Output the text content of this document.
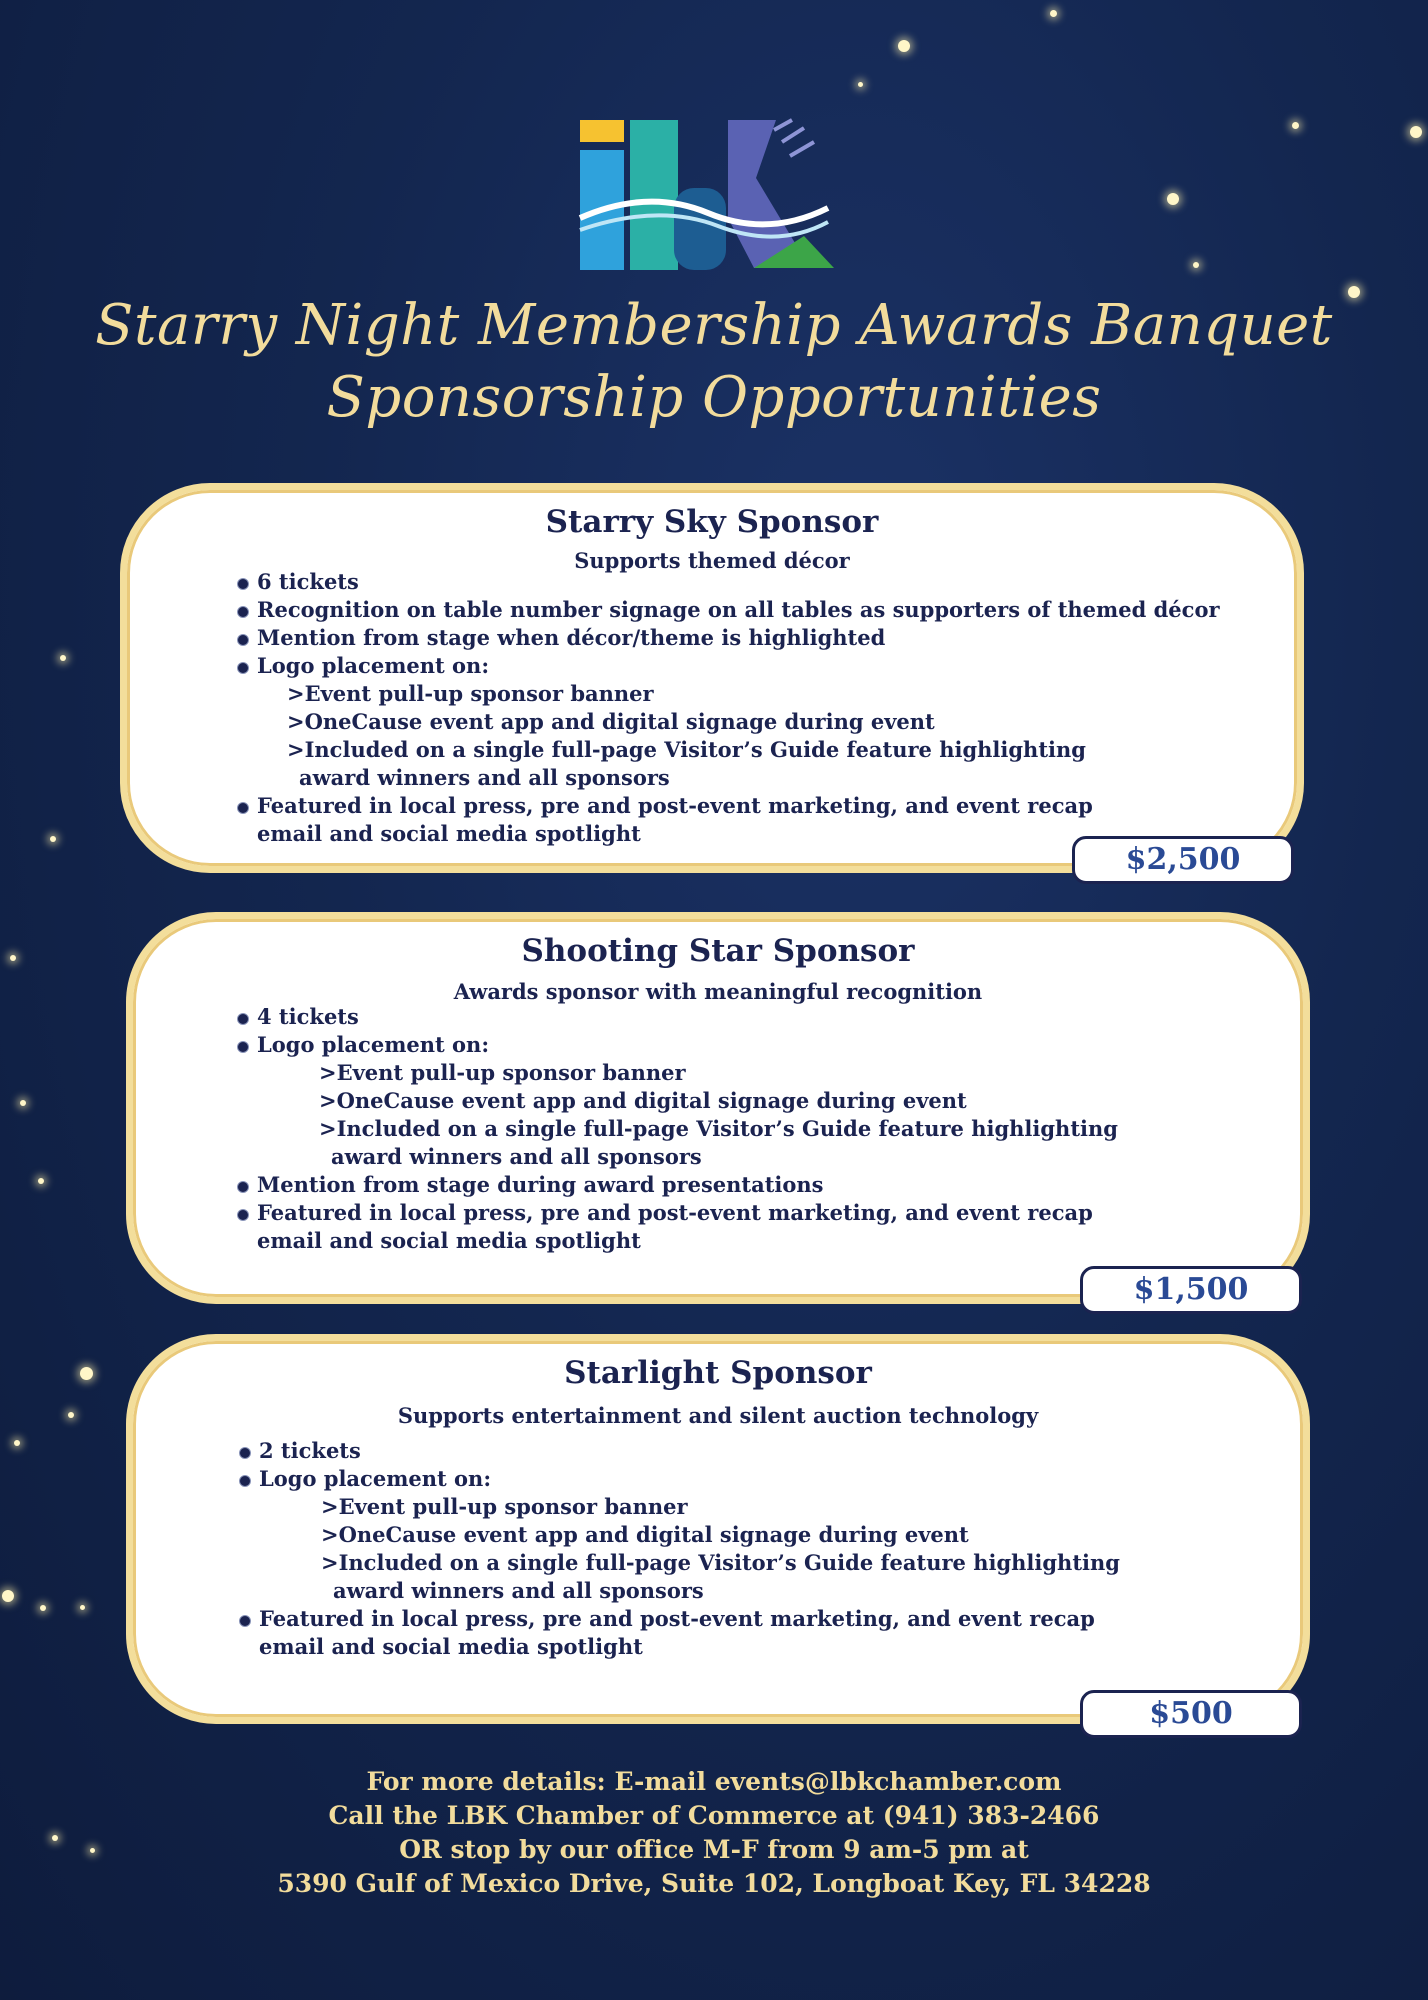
Starry Night Membership Awards Banquet
Sponsorship Opportunities
Starry Sky Sponsor
Supports themed décor
6 tickets
Recognition on table number signage on all tables as supporters of themed décor
Mention from stage when décor/theme is highlighted
Logo placement on:
>Event pull-up sponsor banner
>OneCause event app and digital signage during event
>Included on a single full-page Visitor’s Guide feature highlighting award winners and all sponsors
Featured in local press, pre and post-event marketing, and event recap email and social media spotlight
$2,500
Shooting Star Sponsor
Awards sponsor with meaningful recognition
4 tickets
Logo placement on:
>Event pull-up sponsor banner
>OneCause event app and digital signage during event
>Included on a single full-page Visitor’s Guide feature highlighting award winners and all sponsors
Mention from stage during award presentations
Featured in local press, pre and post-event marketing, and event recap email and social media spotlight
$1,500
Starlight Sponsor
Supports entertainment and silent auction technology
2 tickets
Logo placement on:
>Event pull-up sponsor banner
>OneCause event app and digital signage during event
>Included on a single full-page Visitor’s Guide feature highlighting award winners and all sponsors
Featured in local press, pre and post-event marketing, and event recap email and social media spotlight
$500
For more details: E-mail events@lbkchamber.com
Call the LBK Chamber of Commerce at (941) 383-2466
OR stop by our office M-F from 9 am-5 pm at
5390 Gulf of Mexico Drive, Suite 102, Longboat Key, FL 34228
